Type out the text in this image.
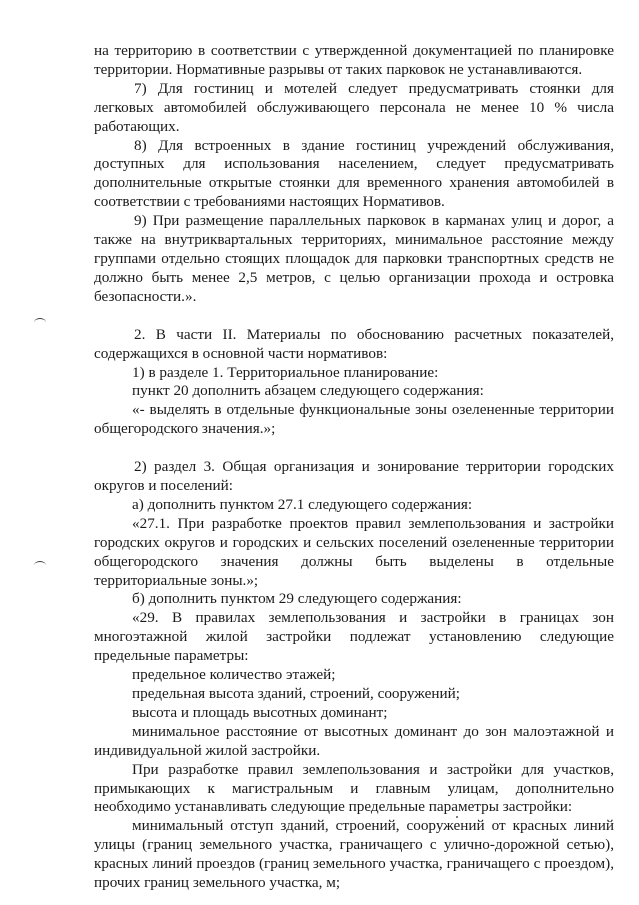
на территорию в соответствии с утвержденной документацией по планировке территории. Нормативные разрывы от таких парковок не устанавливаются.

7) Для гостиниц и мотелей следует предусматривать стоянки для легковых автомобилей обслуживающего персонала не менее 10 % числа работающих.

8) Для встроенных в здание гостиниц учреждений обслуживания, доступных для использования населением, следует предусматривать дополнительные открытые стоянки для временного хранения автомобилей в соответствии с требованиями настоящих Нормативов.

9) При размещение параллельных парковок в карманах улиц и дорог, а также на внутриквартальных территориях, минимальное расстояние между группами отдельно стоящих площадок для парковки транспортных средств не должно быть менее 2,5 метров, с целью организации прохода и островка безопасности.».

2. В части II. Материалы по обоснованию расчетных показателей, содержащихся в основной части нормативов:

1) в разделе 1. Территориальное планирование:

пункт 20 дополнить абзацем следующего содержания:

«- выделять в отдельные функциональные зоны озелененные территории общегородского значения.»;

2) раздел 3. Общая организация и зонирование территории городских округов и поселений:

а) дополнить пунктом 27.1 следующего содержания:

«27.1. При разработке проектов правил землепользования и застройки городских округов и городских и сельских поселений озелененные территории общегородского значения должны быть выделены в отдельные территориальные зоны.»;

б) дополнить пунктом 29 следующего содержания:

«29. В правилах землепользования и застройки в границах зон многоэтажной жилой застройки подлежат установлению следующие предельные параметры:

предельное количество этажей;

предельная высота зданий, строений, сооружений;

высота и площадь высотных доминант;

минимальное расстояние от высотных доминант до зон малоэтажной и индивидуальной жилой застройки.

При разработке правил землепользования и застройки для участков, примыкающих к магистральным и главным улицам, дополнительно необходимо устанавливать следующие предельные параметры застройки:

минимальный отступ зданий, строений, сооружений от красных линий улицы (границ земельного участка, граничащего с улично-дорожной сетью), красных линий проездов (границ земельного участка, граничащего с проездом), прочих границ земельного участка, м;
